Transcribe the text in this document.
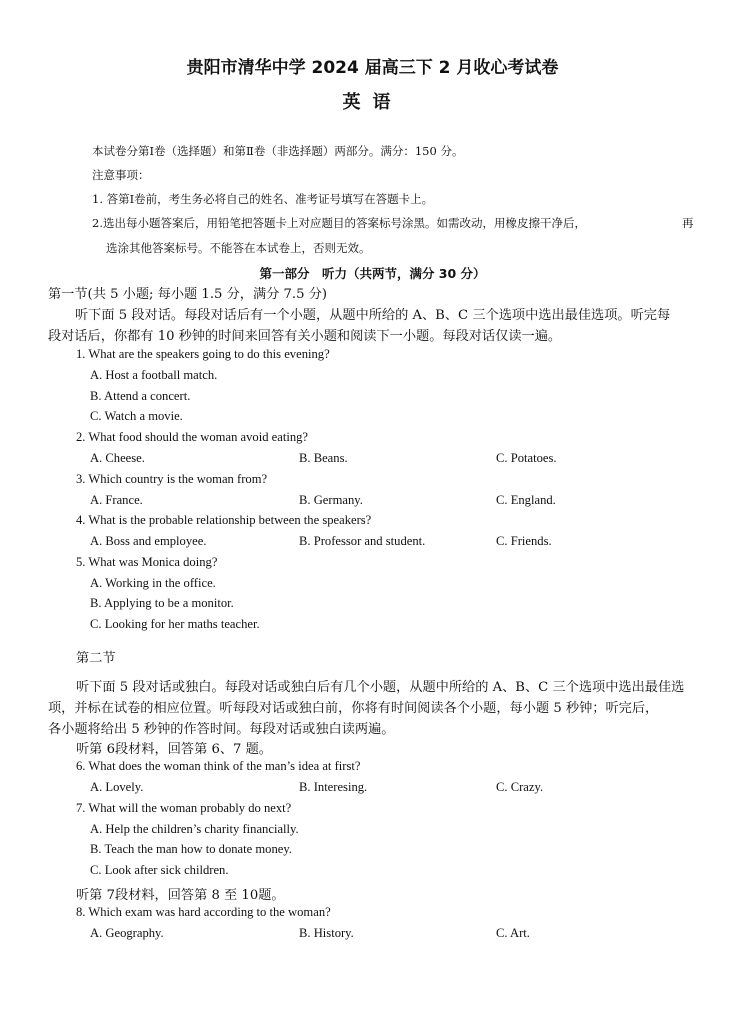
贵阳市清华中学 2024 届高三下 2 月收心考试卷
英语
本试卷分第Ⅰ卷（选择题）和第Ⅱ卷（非选择题）两部分。满分：150 分。
注意事项：
1. 答第Ⅰ卷前，考生务必将自己的姓名、准考证号填写在答题卡上。
2.选出每小题答案后，用铅笔把答题卡上对应题目的答案标号涂黑。如需改动，用橡皮擦干净后，	再
选涂其他答案标号。不能答在本试卷上，否则无效。
第一部分　听力（共两节，满分 30 分）
第一节(共 5 小题; 每小题 1.5 分，满分 7.5 分)
听下面 5 段对话。每段对话后有一个小题，从题中所给的 A、B、C 三个选项中选出最佳选项。听完每
段对话后，你都有 10 秒钟的时间来回答有关小题和阅读下一小题。每段对话仅读一遍。
1. What are the speakers going to do this evening?
A. Host a football match.
B. Attend a concert.
C. Watch a movie.
2. What food should the woman avoid eating?
A. Cheese.	B. Beans.	C. Potatoes.
3. Which country is the woman from?
A. France.	B. Germany.	C. England.
4. What is the probable relationship between the speakers?
A. Boss and employee.	B. Professor and student.	C. Friends.
5. What was Monica doing?
A. Working in the office.
B. Applying to be a monitor.
C. Looking for her maths teacher.
第二节
听下面 5 段对话或独白。每段对话或独白后有几个小题，从题中所给的 A、B、C 三个选项中选出最佳选
项，并标在试卷的相应位置。听每段对话或独白前，你将有时间阅读各个小题，每小题 5 秒钟；听完后，
各小题将给出 5 秒钟的作答时间。每段对话或独白读两遍。
听第 6段材料，回答第 6、7 题。
6. What does the woman think of the man’s idea at first?
A. Lovely.	B. Interesing.	C. Crazy.
7. What will the woman probably do next?
A. Help the children’s charity financially.
B. Teach the man how to donate money.
C. Look after sick children.
听第 7段材料，回答第 8 至 10题。
8. Which exam was hard according to the woman?
A. Geography.	B. History.	C. Art.
